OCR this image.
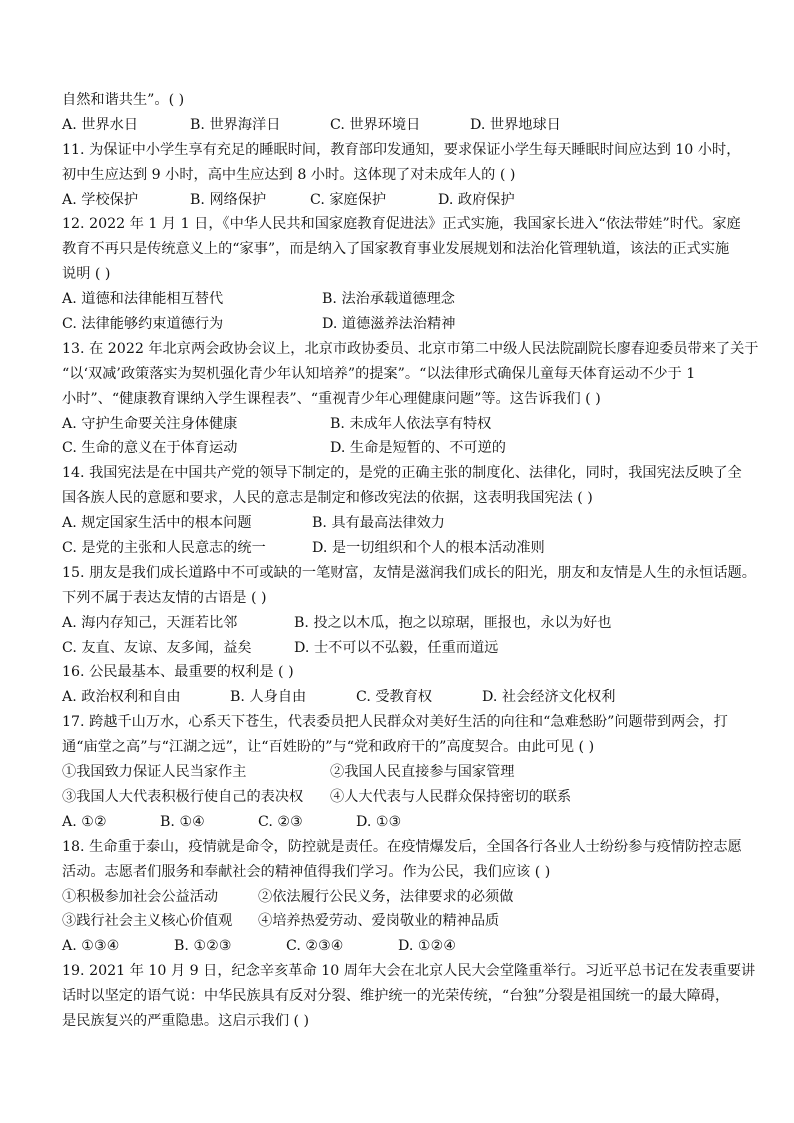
自然和谐共生”。( )
A. 世界水日	B. 世界海洋日	C. 世界环境日	D. 世界地球日
11. 为保证中小学生享有充足的睡眠时间，教育部印发通知，要求保证小学生每天睡眠时间应达到 10 小时，
初中生应达到 9 小时，高中生应达到 8 小时。这体现了对未成年人的 ( )
A. 学校保护	B. 网络保护	C. 家庭保护	D. 政府保护
12. 2022 年 1 月 1 日，《中华人民共和国家庭教育促进法》正式实施，我国家长进入“依法带娃”时代。家庭
教育不再只是传统意义上的“家事”，而是纳入了国家教育事业发展规划和法治化管理轨道，该法的正式实施
说明 ( )
A. 道德和法律能相互替代	B. 法治承载道德理念
C. 法律能够约束道德行为	D. 道德滋养法治精神
13. 在 2022 年北京两会政协会议上，北京市政协委员、北京市第二中级人民法院副院长廖春迎委员带来了关于
“以‘双减’政策落实为契机强化青少年认知培养”的提案”。“以法律形式确保儿童每天体育运动不少于 1
小时”、“健康教育课纳入学生课程表”、“重视青少年心理健康问题”等。这告诉我们 ( )
A. 守护生命要关注身体健康	B. 未成年人依法享有特权
C. 生命的意义在于体育运动	D. 生命是短暂的、不可逆的
14. 我国宪法是在中国共产党的领导下制定的，是党的正确主张的制度化、法律化，同时，我国宪法反映了全
国各族人民的意愿和要求，人民的意志是制定和修改宪法的依据，这表明我国宪法 ( )
A. 规定国家生活中的根本问题	B. 具有最高法律效力
C. 是党的主张和人民意志的统一	D. 是一切组织和个人的根本活动准则
15. 朋友是我们成长道路中不可或缺的一笔财富，友情是滋润我们成长的阳光，朋友和友情是人生的永恒话题。
下列不属于表达友情的古语是 ( )
A. 海内存知己，天涯若比邻	B. 投之以木瓜，抱之以琼琚，匪报也，永以为好也
C. 友直、友谅、友多闻，益矣	D. 士不可以不弘毅，任重而道远
16. 公民最基本、最重要的权利是 ( )
A. 政治权利和自由	B. 人身自由	C. 受教育权	D. 社会经济文化权利
17. 跨越千山万水，心系天下苍生，代表委员把人民群众对美好生活的向往和“急难愁盼”问题带到两会，打
通“庙堂之高”与“江湖之远”，让“百姓盼的”与“党和政府干的”高度契合。由此可见 ( )
①我国致力保证人民当家作主	②我国人民直接参与国家管理
③我国人大代表积极行使自己的表决权	④人大代表与人民群众保持密切的联系
A. ①②	B. ①④	C. ②③	D. ①③
18. 生命重于泰山，疫情就是命令，防控就是责任。在疫情爆发后，全国各行各业人士纷纷参与疫情防控志愿
活动。志愿者们服务和奉献社会的精神值得我们学习。作为公民，我们应该 ( )
①积极参加社会公益活动	②依法履行公民义务，法律要求的必须做
③践行社会主义核心价值观	④培养热爱劳动、爱岗敬业的精神品质
A. ①③④	B. ①②③	C. ②③④	D. ①②④
19. 2021 年 10 月 9 日，纪念辛亥革命 10 周年大会在北京人民大会堂隆重举行。习近平总书记在发表重要讲
话时以坚定的语气说：中华民族具有反对分裂、维护统一的光荣传统，“台独”分裂是祖国统一的最大障碍，
是民族复兴的严重隐患。这启示我们 ( )
